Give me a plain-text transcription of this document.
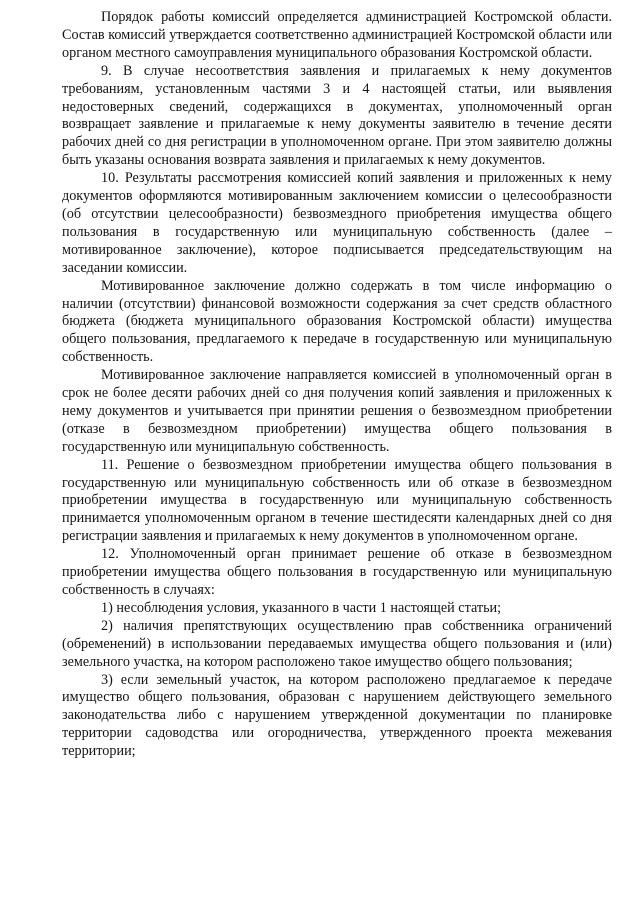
Порядок работы комиссий определяется администрацией Костромской области. Состав комиссий утверждается соответственно администрацией Костромской области или органом местного самоуправления муниципального образования Костромской области.

9. В случае несоответствия заявления и прилагаемых к нему документов требованиям, установленным частями 3 и 4 настоящей статьи, или выявления недостоверных сведений, содержащихся в документах, уполномоченный орган возвращает заявление и прилагаемые к нему документы заявителю в течение десяти рабочих дней со дня регистрации в уполномоченном органе. При этом заявителю должны быть указаны основания возврата заявления и прилагаемых к нему документов.

10. Результаты рассмотрения комиссией копий заявления и приложенных к нему документов оформляются мотивированным заключением комиссии о целесообразности (об отсутствии целесообразности) безвозмездного приобретения имущества общего пользования в государственную или муниципальную собственность (далее – мотивированное заключение), которое подписывается председательствующим на заседании комиссии.

Мотивированное заключение должно содержать в том числе информацию о наличии (отсутствии) финансовой возможности содержания за счет средств областного бюджета (бюджета муниципального образования Костромской области) имущества общего пользования, предлагаемого к передаче в государственную или муниципальную собственность.

Мотивированное заключение направляется комиссией в уполномоченный орган в срок не более десяти рабочих дней со дня получения копий заявления и приложенных к нему документов и учитывается при принятии решения о безвозмездном приобретении (отказе в безвозмездном приобретении) имущества общего пользования в государственную или муниципальную собственность.

11. Решение о безвозмездном приобретении имущества общего пользования в государственную или муниципальную собственность или об отказе в безвозмездном приобретении имущества в государственную или муниципальную собственность принимается уполномоченным органом в течение шестидесяти календарных дней со дня регистрации заявления и прилагаемых к нему документов в уполномоченном органе.

12. Уполномоченный орган принимает решение об отказе в безвозмездном приобретении имущества общего пользования в государственную или муниципальную собственность в случаях:

1) несоблюдения условия, указанного в части 1 настоящей статьи;

2) наличия препятствующих осуществлению прав собственника ограничений (обременений) в использовании передаваемых имущества общего пользования и (или) земельного участка, на котором расположено такое имущество общего пользования;

3) если земельный участок, на котором расположено предлагаемое к передаче имущество общего пользования, образован с нарушением действующего земельного законодательства либо с нарушением утвержденной документации по планировке территории садоводства или огородничества, утвержденного проекта межевания территории;
